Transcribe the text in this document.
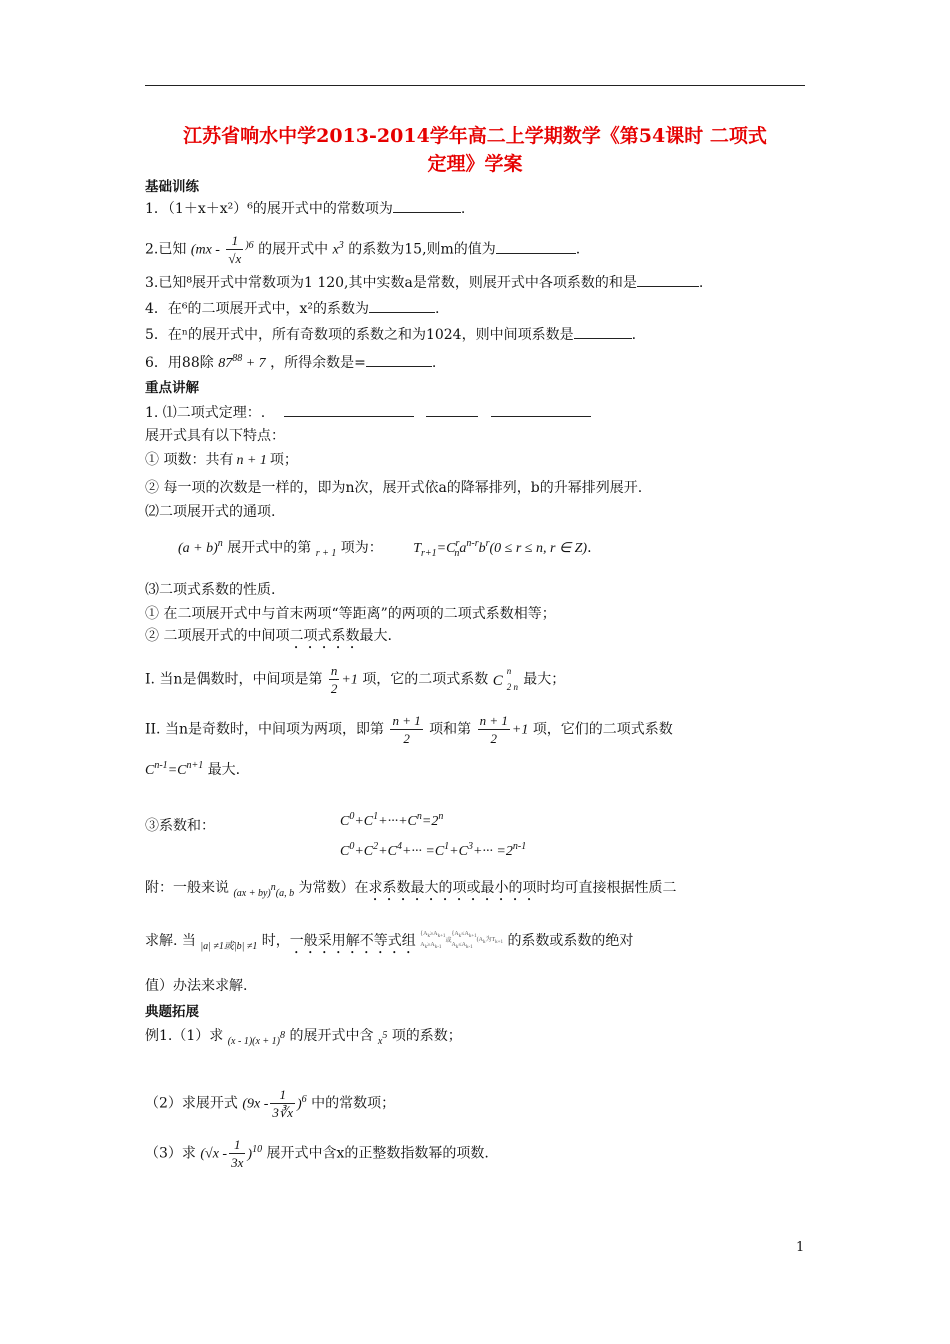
江苏省响水中学2013-2014学年高二上学期数学《第54课时 二项式
定理》学案
基础训练
1．（1＋x＋x²）⁶的展开式中的常数项为	.
2.已知 ($mx - \frac{1}{√x} ^{)6}$ 的展开式中 $x^3$ 的系数为15,则m的值为	.
3.已知⁸展开式中常数项为1 120,其中实数a是常数，则展开式中各项系数的和是	.
4．在⁶的二项展开式中，x²的系数为	.
5．在ⁿ的展开式中，所有奇数项的系数之和为1024，则中间项系数是	.
6．用88除 $87^{88} + 7$ ，所得余数是=	.
重点讲解
1. ⑴二项式定理：.
展开式具有以下特点：
① 项数：共有 n + 1 项；
② 每一项的次数是一样的，即为n次，展开式依a的降幂排列，b的升幂排列展开.
⑵二项展开式的通项.
$(a + b)^n$ 展开式中的第 $_{r + 1}$ 项为： $T_{r+1}=C^r_na^{n-r}b^r(0 \le r \le n$, r ∈ Z).
⑶二项式系数的性质.
① 在二项展开式中与首末两项“等距离”的两项的二项式系数相等；
② 二项展开式的中间项二项式系数最大.
I. 当n是偶数时，中间项是第 $\frac{n}{2} +1$ 项，它的二项式系数 C
n
2 n 最大；
II. 当n是奇数时，中间项为两项，即第 $\frac{n + 1}{2}$ 项和第 $\frac{n + 1}{2} +1$ 项，它们的二项式系数
$C^{n-1}=C^{n+1}$ 最大.
③系数和：	$C^0+C^1+\cdot\cdot\cdot+C^n=2^n$
$C^0+C^2+C^4+\cdot\cdot\cdot =C^1+C^3+\cdot\cdot\cdot =2^{n-1}$
附：一般来说 $_{(ax + by)n(a, b}$ 为常数）在求系数最大的项或最小的项时均可直接根据性质二
求解. 当 $_{|a| \ne 1或|b| \ne 1}$ 时，一般采用解不等式组 {$A_k\ge A_{k+1}$
$A_k\ge A_{k-1}$或{$A_k\le A_{k+1}$
$A_k\le A_{k-1}(A_k$为$T_{k+1}$ 的系数或系数的绝对
值）办法来求解.
典题拓展
例1.（1）求 $_{(x - 1)(x + 1)8}$ 的展开式中含 $_{x5}$ 项的系数；
（2）求展开式 $(9x - \frac{1}{3∛x} )^6$ 中的常数项；
（3）求 $(√x - \frac{1}{3x} )^{10}$ 展开式中含x的正整数指数幂的项数.
1
